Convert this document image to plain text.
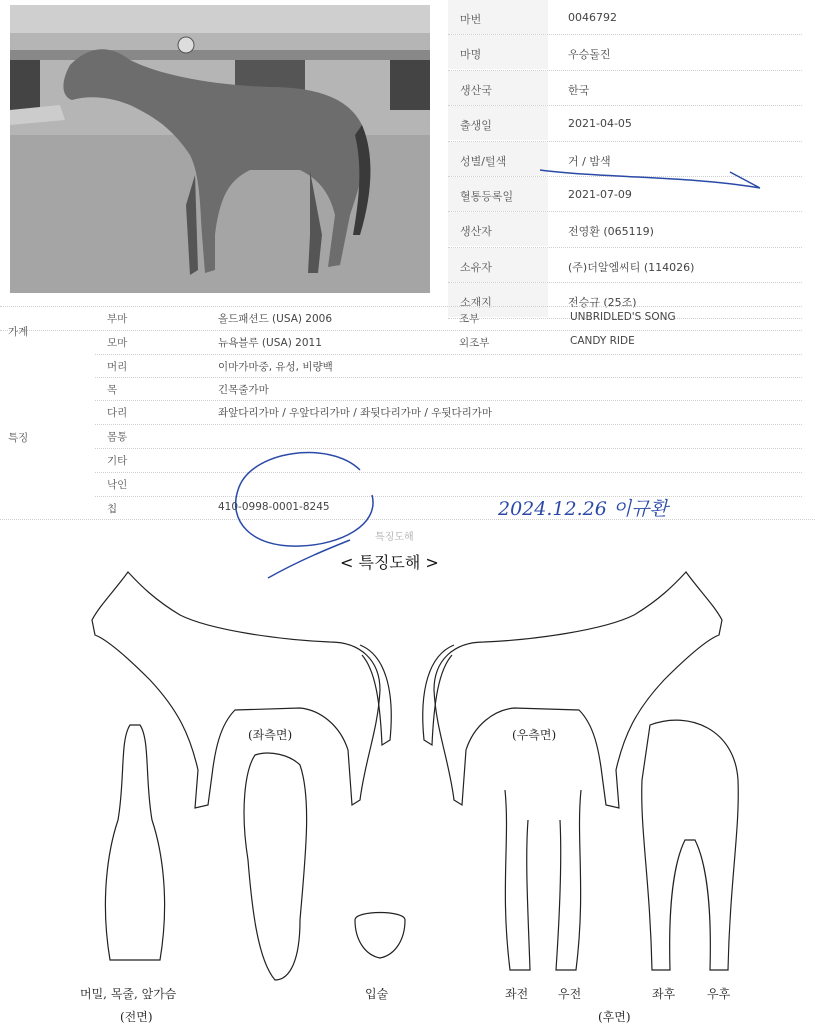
마번	0046792
마명	우승돌진
생산국	한국
출생일	2021-04-05
성별/털색	거 / 밤색
혈통등록일	2021-07-09
생산자	전영환 (065119)
소유자	(주)더알엠씨티 (114026)
소재지	전승규 (25조)
가계
부마	올드패션드 (USA) 2006	조부	UNBRIDLED'S SONG
모마	뉴욕블루 (USA) 2011	외조부	CANDY RIDE
특징
머리	이마가마중, 유성, 비량백
목	긴목줄가마
다리	좌앞다리가마 / 우앞다리가마 / 좌뒷다리가마 / 우뒷다리가마
몸통
기타
낙인
칩	410-0998-0001-8245	2024.12.26 이규환
특징도해
< 특징도해 >
(좌측면)	(우측면)
머밀, 목줄, 앞가슴
(전면)
입술	좌전 우전	좌후	우후
(후면)
